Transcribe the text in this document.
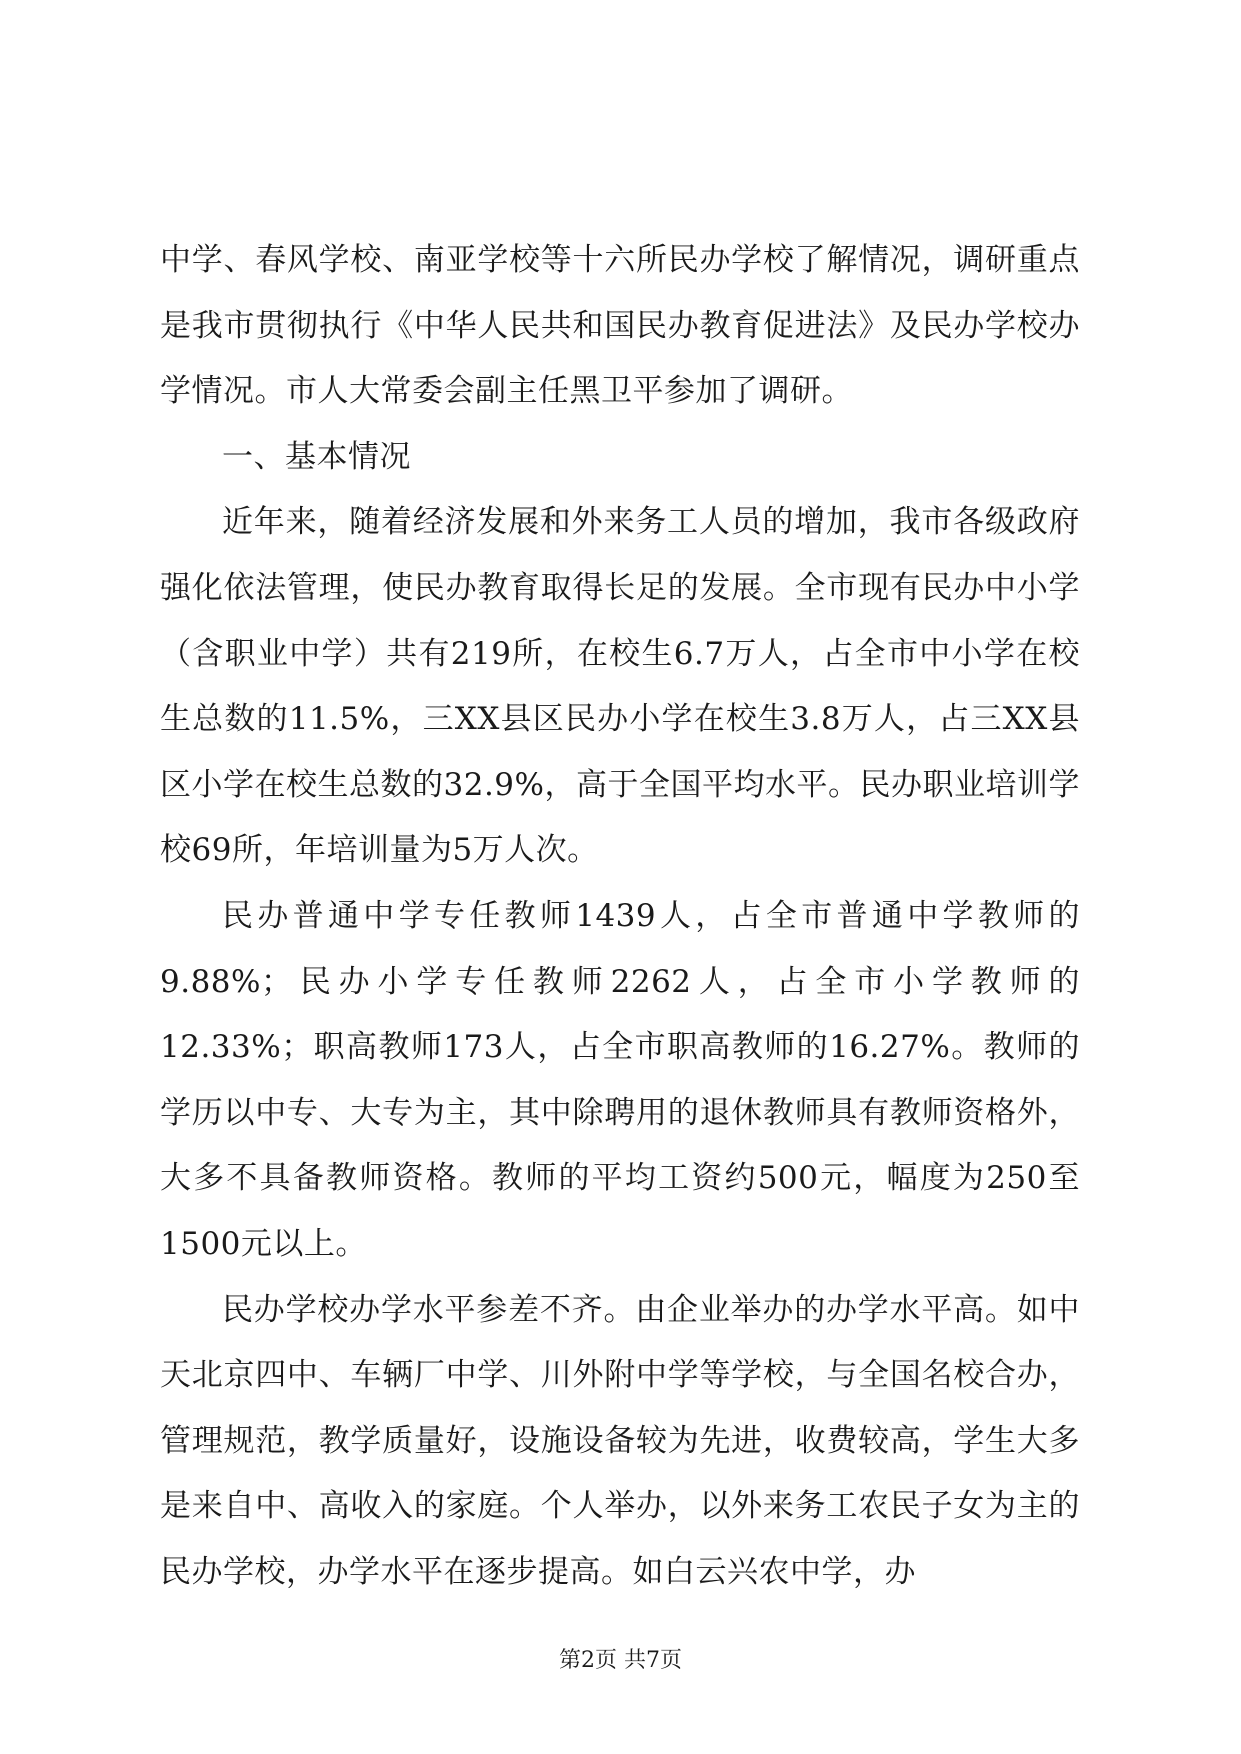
中学、春风学校、南亚学校等十六所民办学校了解情况，调研重点是我市贯彻执行《中华人民共和国民办教育促进法》及民办学校办学情况。市人大常委会副主任黑卫平参加了调研。

一、基本情况

近年来，随着经济发展和外来务工人员的增加，我市各级政府强化依法管理，使民办教育取得长足的发展。全市现有民办中小学（含职业中学）共有219所，在校生6.7万人，占全市中小学在校生总数的11.5%，三XX县区民办小学在校生3.8万人，占三XX县区小学在校生总数的32.9%，高于全国平均水平。民办职业培训学校69所，年培训量为5万人次。

民办普通中学专任教师1439人，占全市普通中学教师的9.88%；民办小学专任教师2262人，占全市小学教师的12.33%；职高教师173人，占全市职高教师的16.27%。教师的学历以中专、大专为主，其中除聘用的退休教师具有教师资格外，大多不具备教师资格。教师的平均工资约500元，幅度为250至1500元以上。

民办学校办学水平参差不齐。由企业举办的办学水平高。如中天北京四中、车辆厂中学、川外附中学等学校，与全国名校合办，管理规范，教学质量好，设施设备较为先进，收费较高，学生大多是来自中、高收入的家庭。个人举办，以外来务工农民子女为主的民办学校，办学水平在逐步提高。如白云兴农中学，办

第2页 共7页
